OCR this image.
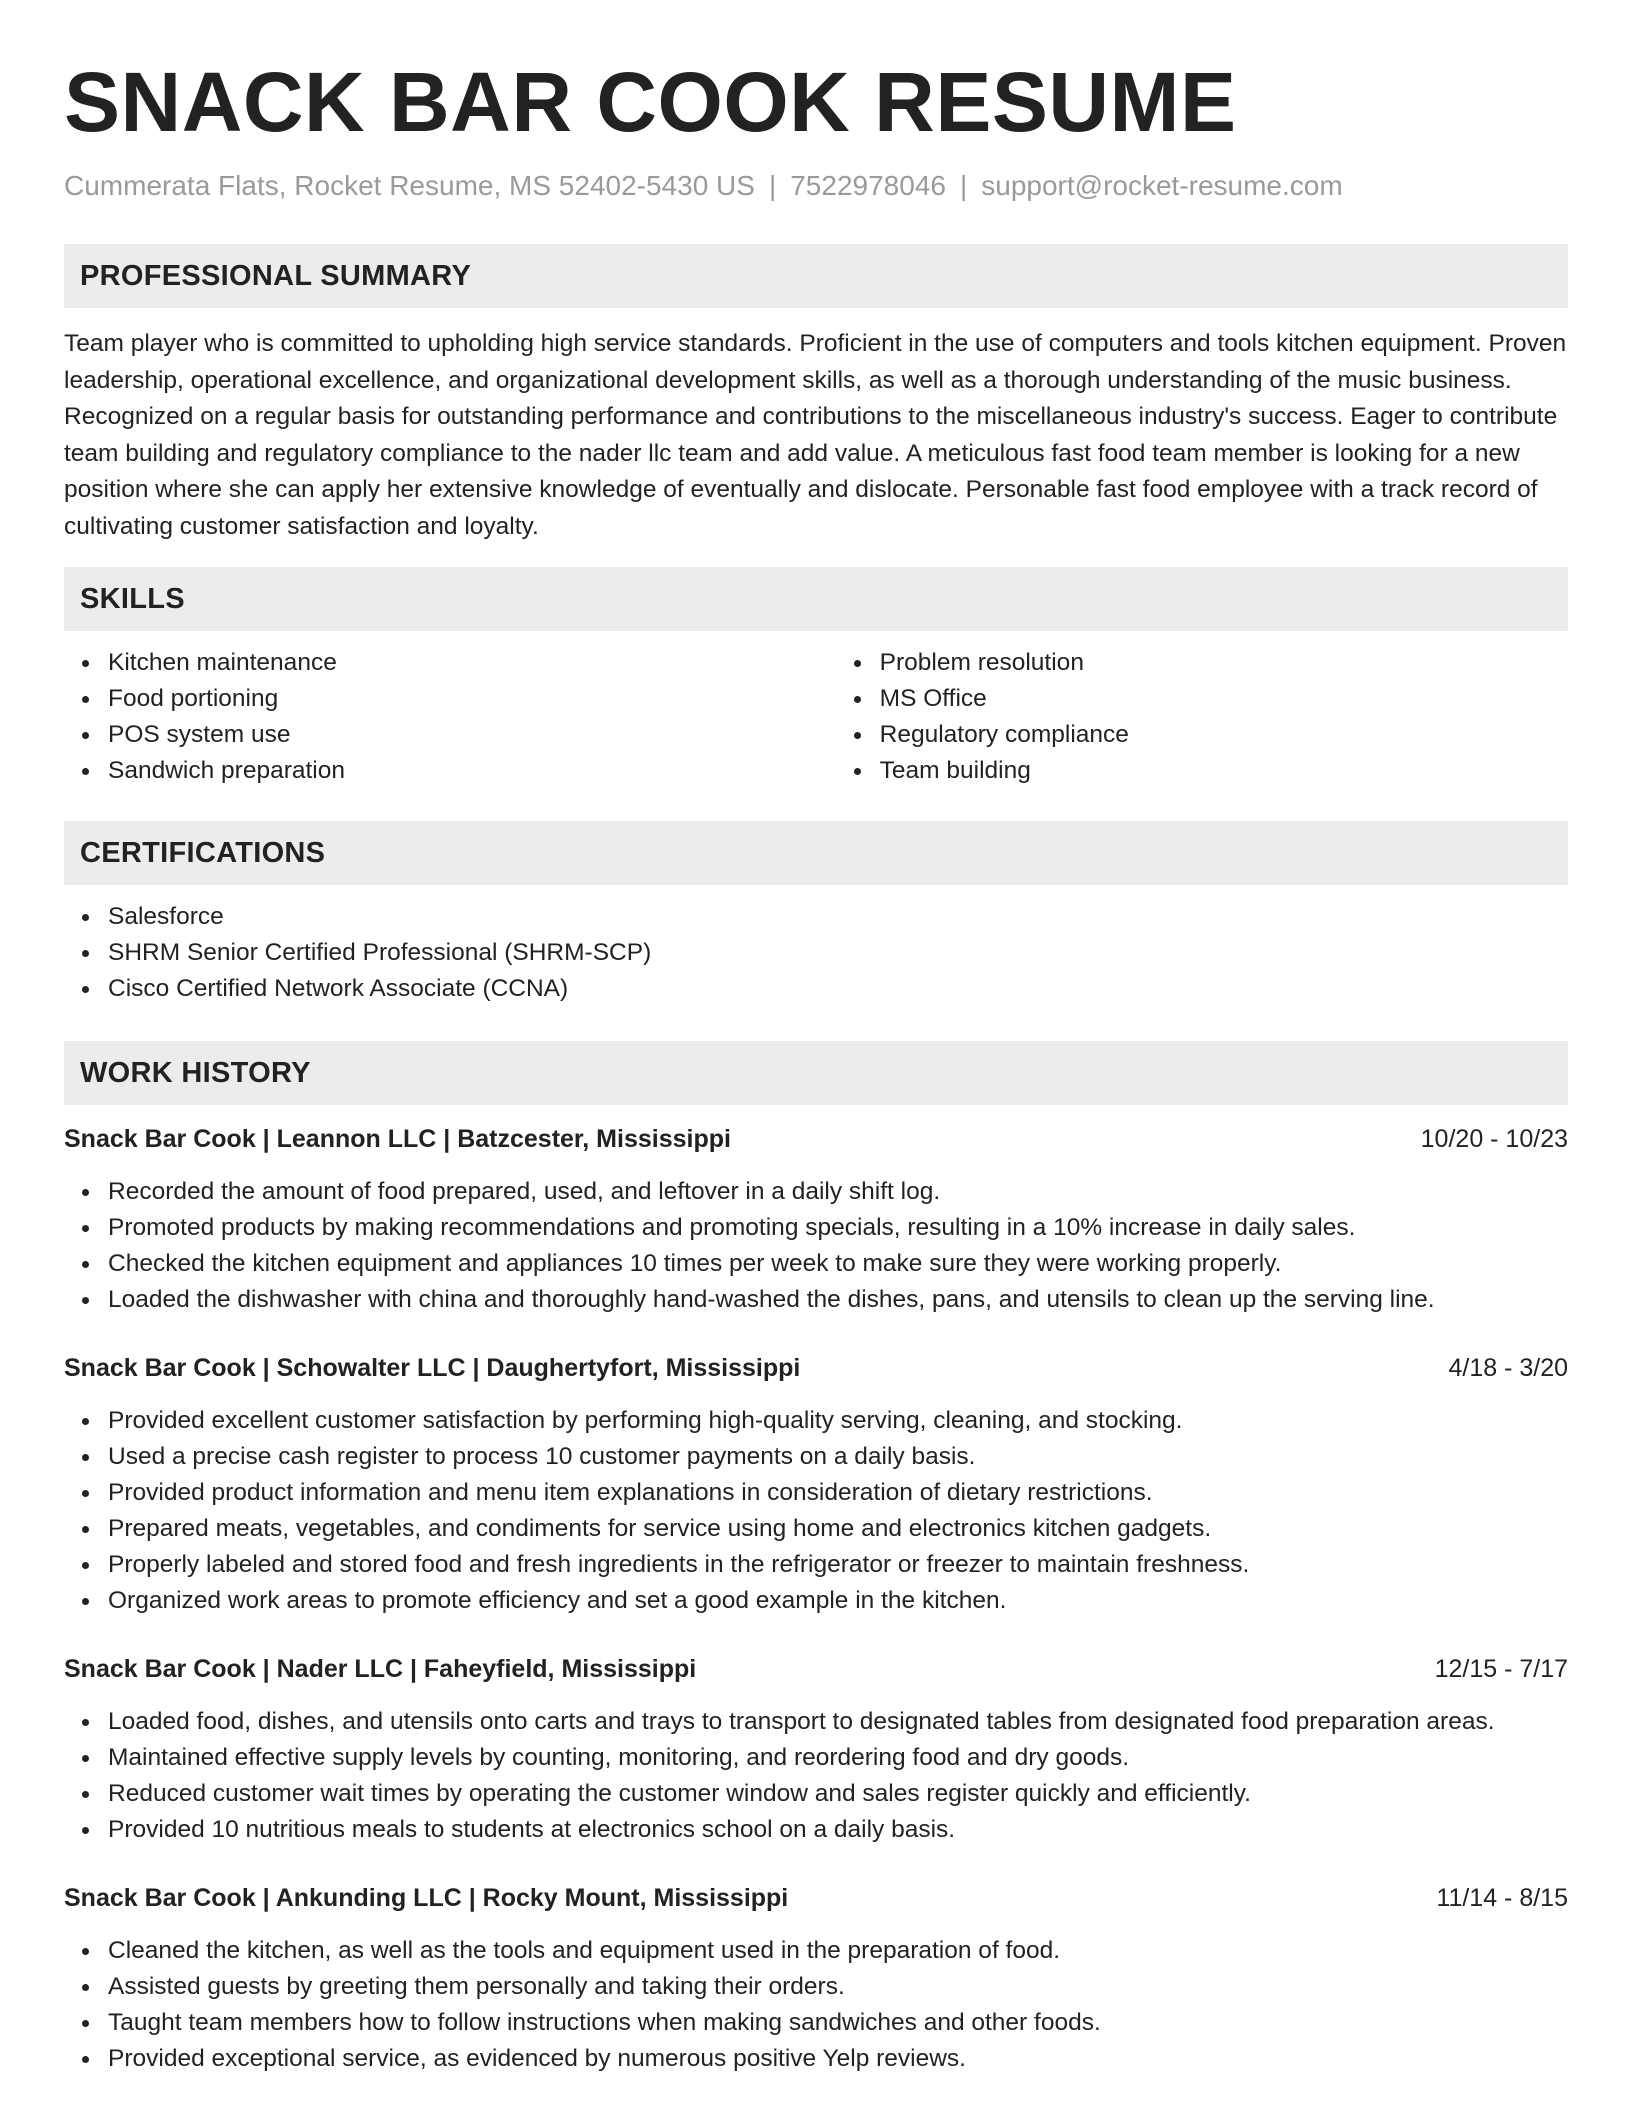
SNACK BAR COOK RESUME
Cummerata Flats, Rocket Resume, MS 52402-5430 US | 7522978046 | support@rocket-resume.com
PROFESSIONAL SUMMARY

Team player who is committed to upholding high service standards. Proficient in the use of computers and tools kitchen equipment. Proven leadership, operational excellence, and organizational development skills, as well as a thorough understanding of the music business. Recognized on a regular basis for outstanding performance and contributions to the miscellaneous industry's success. Eager to contribute team building and regulatory compliance to the nader llc team and add value. A meticulous fast food team member is looking for a new position where she can apply her extensive knowledge of eventually and dislocate. Personable fast food employee with a track record of cultivating customer satisfaction and loyalty.

SKILLS
Kitchen maintenance
Food portioning
POS system use
Sandwich preparation
Problem resolution
MS Office
Regulatory compliance
Team building
CERTIFICATIONS
Salesforce
SHRM Senior Certified Professional (SHRM-SCP)
Cisco Certified Network Associate (CCNA)
WORK HISTORY
Snack Bar Cook | Leannon LLC | Batzcester, Mississippi	10/20 - 10/23
Recorded the amount of food prepared, used, and leftover in a daily shift log.
Promoted products by making recommendations and promoting specials, resulting in a 10% increase in daily sales.
Checked the kitchen equipment and appliances 10 times per week to make sure they were working properly.
Loaded the dishwasher with china and thoroughly hand-washed the dishes, pans, and utensils to clean up the serving line.
Snack Bar Cook | Schowalter LLC | Daughertyfort, Mississippi	4/18 - 3/20
Provided excellent customer satisfaction by performing high-quality serving, cleaning, and stocking.
Used a precise cash register to process 10 customer payments on a daily basis.
Provided product information and menu item explanations in consideration of dietary restrictions.
Prepared meats, vegetables, and condiments for service using home and electronics kitchen gadgets.
Properly labeled and stored food and fresh ingredients in the refrigerator or freezer to maintain freshness.
Organized work areas to promote efficiency and set a good example in the kitchen.
Snack Bar Cook | Nader LLC | Faheyfield, Mississippi	12/15 - 7/17
Loaded food, dishes, and utensils onto carts and trays to transport to designated tables from designated food preparation areas.
Maintained effective supply levels by counting, monitoring, and reordering food and dry goods.
Reduced customer wait times by operating the customer window and sales register quickly and efficiently.
Provided 10 nutritious meals to students at electronics school on a daily basis.
Snack Bar Cook | Ankunding LLC | Rocky Mount, Mississippi	11/14 - 8/15
Cleaned the kitchen, as well as the tools and equipment used in the preparation of food.
Assisted guests by greeting them personally and taking their orders.
Taught team members how to follow instructions when making sandwiches and other foods.
Provided exceptional service, as evidenced by numerous positive Yelp reviews.
